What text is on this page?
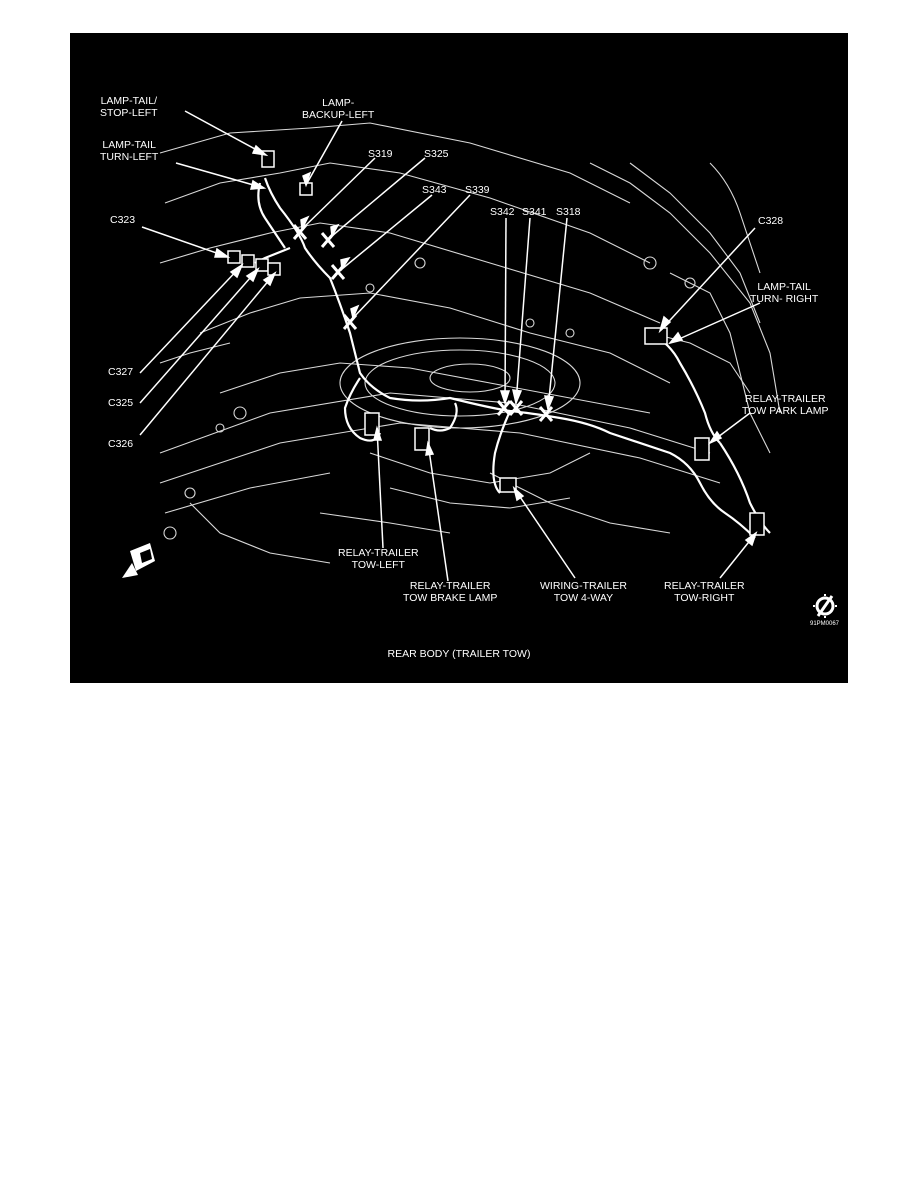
LAMP-TAIL/
STOP-LEFT
LAMP-TAIL
TURN-LEFT
LAMP-
BACKUP-LEFT
S319	S325
S343 S339
S342 S341 S318
C323
C327
C325
C326
C328
LAMP-TAIL
TURN- RIGHT
RELAY-TRAILER
TOW PARK LAMP
RELAY-TRAILER
TOW-LEFT
RELAY-TRAILER
TOW BRAKE LAMP
WIRING-TRAILER
TOW 4-WAY
RELAY-TRAILER
TOW-RIGHT
91PM0067
REAR BODY (TRAILER TOW)
